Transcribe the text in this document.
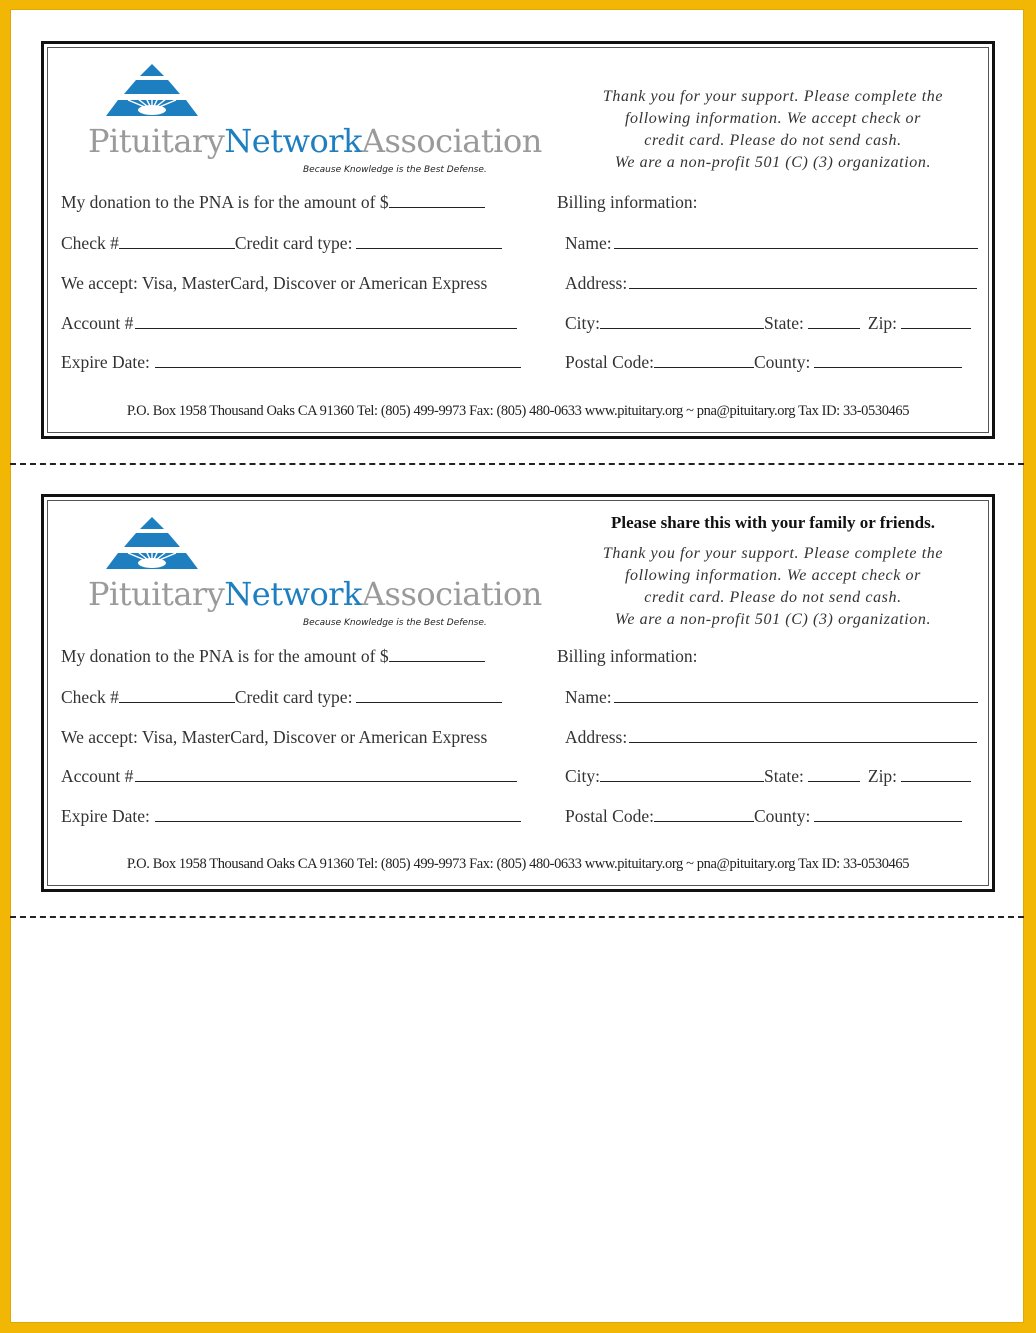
PituitaryNetworkAssociation
Because Knowledge is the Best Defense.
Thank you for your support. Please complete the
following information. We accept check or
credit card. Please do not send cash.
We are a non-profit 501 (C) (3) organization.
My donation to the PNA is for the amount of $
Check #	Credit card type:
We accept: Visa, MasterCard, Discover or American Express
Account #
Expire Date:
Billing information:
Name:
Address:
City:	State:	Zip:
Postal Code:	County:
P.O. Box 1958 Thousand Oaks CA 91360 Tel: (805) 499-9973 Fax: (805) 480-0633 www.pituitary.org ~ pna@pituitary.org Tax ID: 33-0530465
PituitaryNetworkAssociation
Because Knowledge is the Best Defense.
Please share this with your family or friends.
Thank you for your support. Please complete the
following information. We accept check or
credit card. Please do not send cash.
We are a non-profit 501 (C) (3) organization.
My donation to the PNA is for the amount of $
Check #	Credit card type:
We accept: Visa, MasterCard, Discover or American Express
Account #
Expire Date:
Billing information:
Name:
Address:
City:	State:	Zip:
Postal Code:	County:
P.O. Box 1958 Thousand Oaks CA 91360 Tel: (805) 499-9973 Fax: (805) 480-0633 www.pituitary.org ~ pna@pituitary.org Tax ID: 33-0530465
